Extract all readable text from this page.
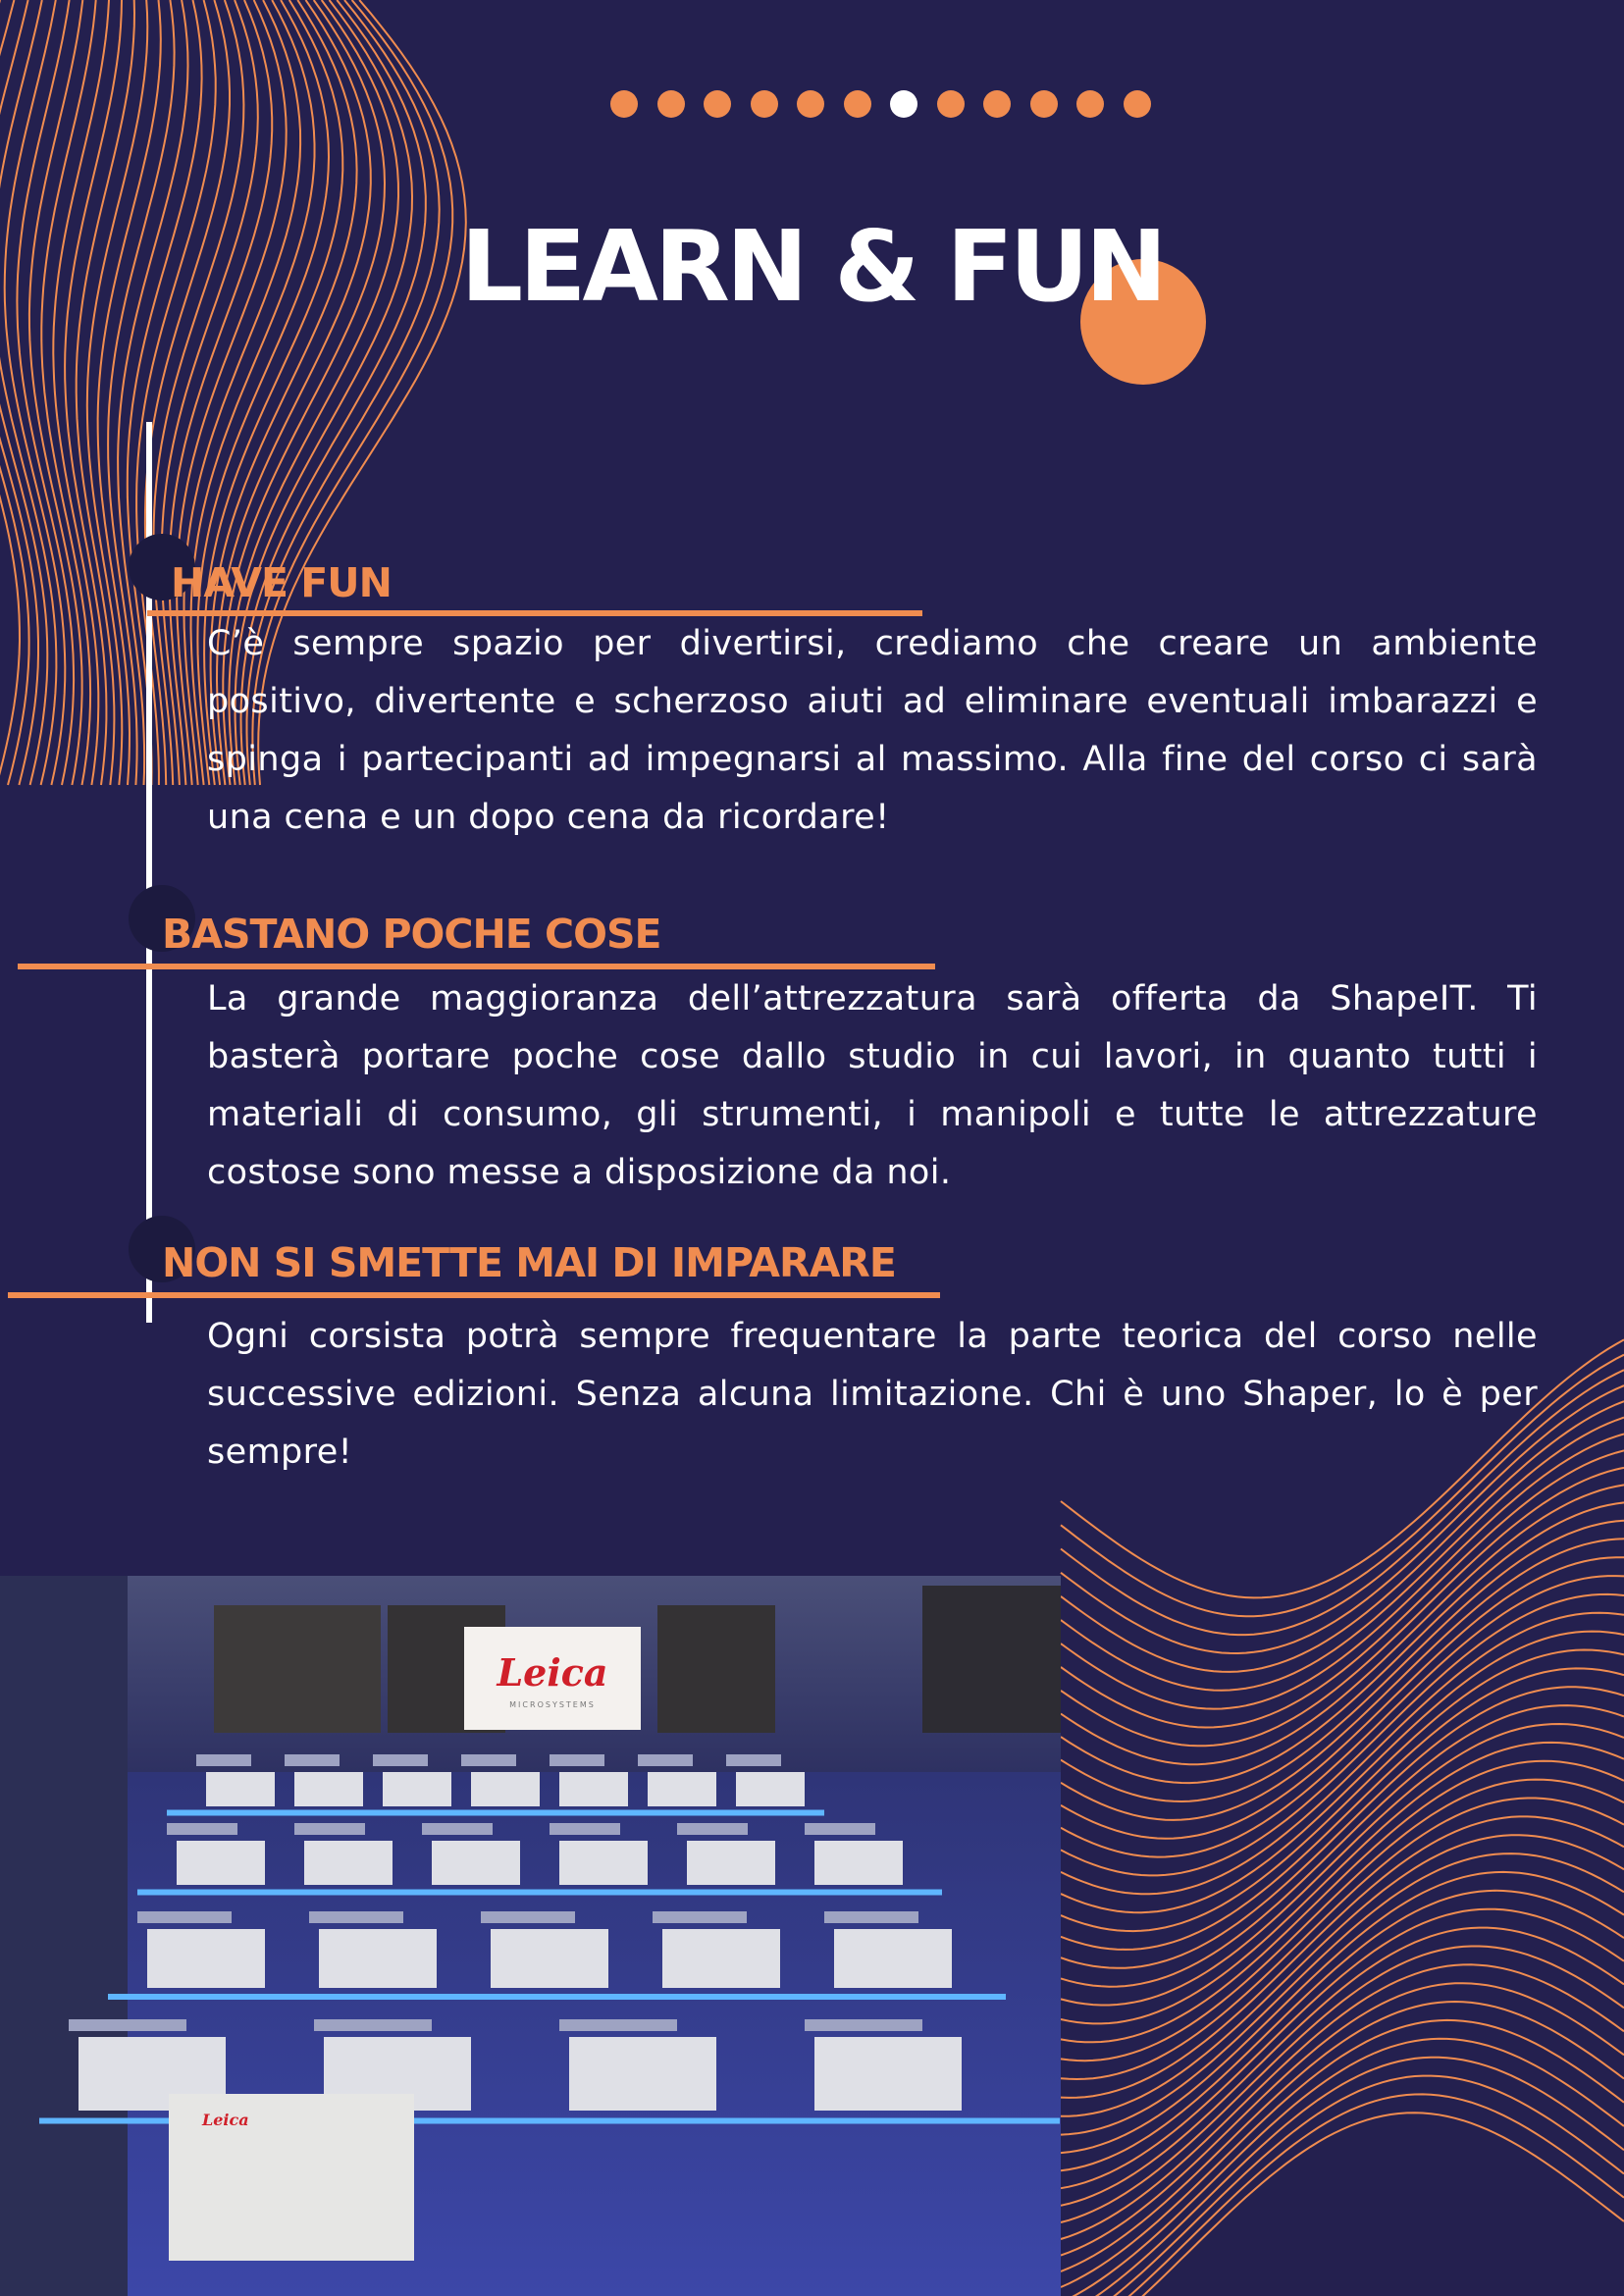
LEARN & FUN
HAVE FUN

C’è sempre spazio per divertirsi, crediamo che creare un ambiente positivo, divertente e scherzoso aiuti ad eliminare eventuali imbarazzi e spinga i partecipanti ad impegnarsi al massimo. Alla fine del corso ci sarà una cena e un dopo cena da ricordare!

BASTANO POCHE COSE

La grande maggioranza dell’attrezzatura sarà offerta da ShapeIT. Ti basterà portare poche cose dallo studio in cui lavori, in quanto tutti i materiali di consumo, gli strumenti, i manipoli e tutte le attrezzature costose sono messe a disposizione da noi.

NON SI SMETTE MAI DI IMPARARE

Ogni corsista potrà sempre frequentare la parte teorica del corso nelle successive edizioni. Senza alcuna limitazione. Chi è uno Shaper, lo è per sempre!

Leica
MICROSYSTEMS
Leica
